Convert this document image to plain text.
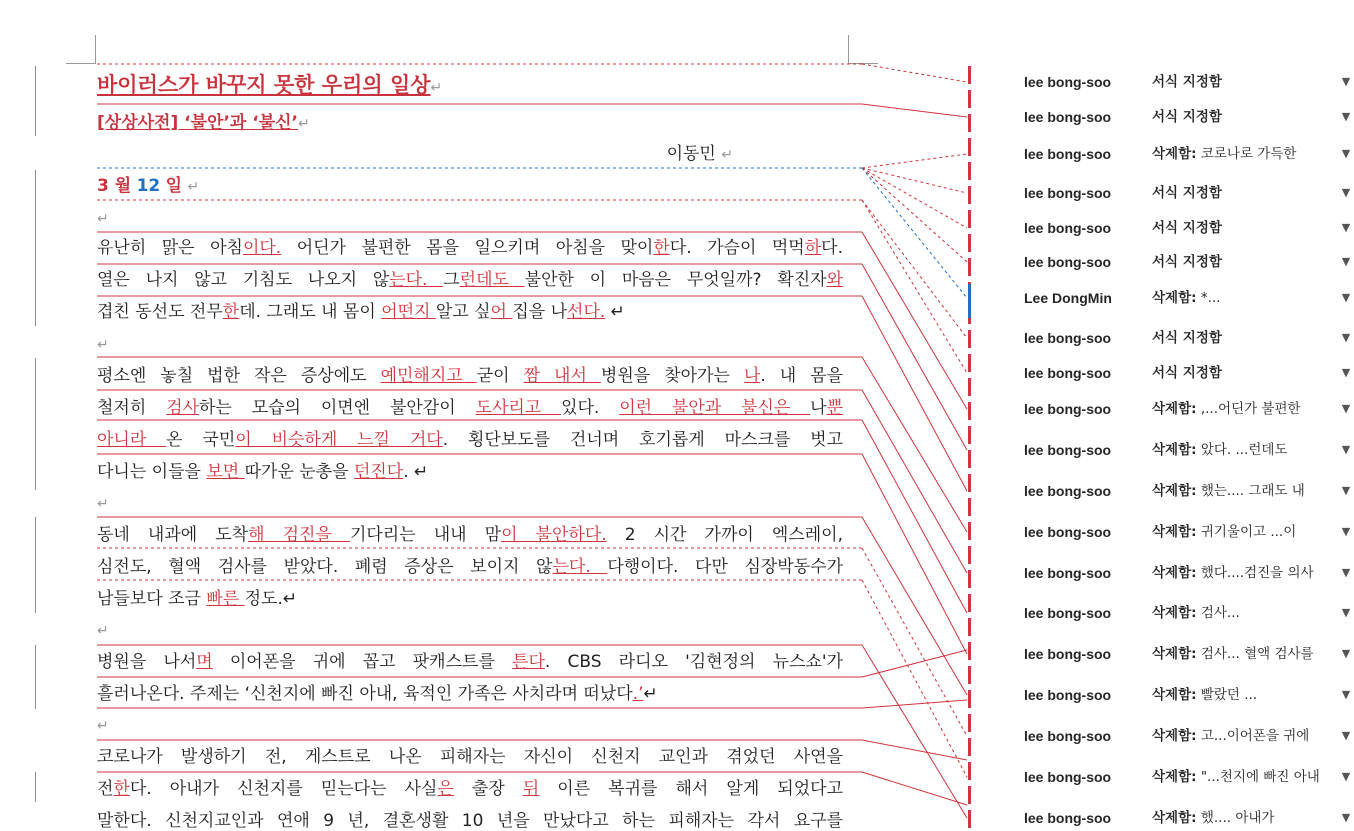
바이러스가 바꾸지 못한 우리의 일상↵
[상상사전] ‘불안’과 ‘불신’↵
이동민 ↵
3 월 12 일 ↵
↵
↵
↵
↵
↵
유난히 맑은 아침이다. 어딘가 불편한 몸을 일으키며 아침을 맞이한다. 가슴이 먹먹하다.
열은 나지 않고 기침도 나오지 않는다. 그런데도 불안한 이 마음은 무엇일까? 확진자와
겹친 동선도 전무한데. 그래도 내 몸이 어떤지 알고 싶어 집을 나선다. ↵
평소엔 놓칠 법한 작은 증상에도 예민해지고 굳이 짬 내서 병원을 찾아가는 나. 내 몸을
철저히 검사하는 모습의 이면엔 불안감이 도사리고 있다. 이런 불안과 불신은 나뿐
아니라 온 국민이 비슷하게 느낄 거다. 횡단보도를 건너며 호기롭게 마스크를 벗고
다니는 이들을 보면 따가운 눈총을 던진다. ↵
동네 내과에 도착해 검진을 기다리는 내내 맘이 불안하다. 2 시간 가까이 엑스레이,
심전도, 혈액 검사를 받았다. 폐렴 증상은 보이지 않는다. 다행이다. 다만 심장박동수가
남들보다 조금 빠른 정도.↵
병원을 나서며 이어폰을 귀에 꼽고 팟캐스트를 튼다. CBS 라디오 '김현정의 뉴스쇼'가
흘러나온다. 주제는 ‘신천지에 빠진 아내, 육적인 가족은 사치라며 떠났다.’↵
코로나가 발생하기 전, 게스트로 나온 피해자는 자신이 신천지 교인과 겪었던 사연을
전한다. 아내가 신천지를 믿는다는 사실은 출장 뒤 이른 복귀를 해서 알게 되었다고
말한다. 신천지교인과 연애 9 년, 결혼생활 10 년을 만났다고 하는 피해자는 각서 요구를
lee bong-soo	서식 지정함	▼
lee bong-soo	서식 지정함	▼
lee bong-soo	삭제함: 코로나로 가득한	▼
lee bong-soo	서식 지정함	▼
lee bong-soo	서식 지정함	▼
lee bong-soo	서식 지정함	▼
Lee DongMin	삭제함: *...	▼
lee bong-soo	서식 지정함	▼
lee bong-soo	서식 지정함	▼
lee bong-soo	삭제함: ,...어딘가 불편한	▼
lee bong-soo	삭제함: 았다. ...런데도	▼
lee bong-soo	삭제함: 했는.... 그래도 내	▼
lee bong-soo	삭제함: 귀기울이고 ...이	▼
lee bong-soo	삭제함: 했다....검진을 의사	▼
lee bong-soo	삭제함: 검사...	▼
lee bong-soo	삭제함: 검사... 혈액 검사를	▼
lee bong-soo	삭제함: 빨랐던 ...	▼
lee bong-soo	삭제함: 고...이어폰을 귀에	▼
lee bong-soo	삭제함: "...천지에 빠진 아내	▼
lee bong-soo	삭제함: 했.... 아내가	▼
